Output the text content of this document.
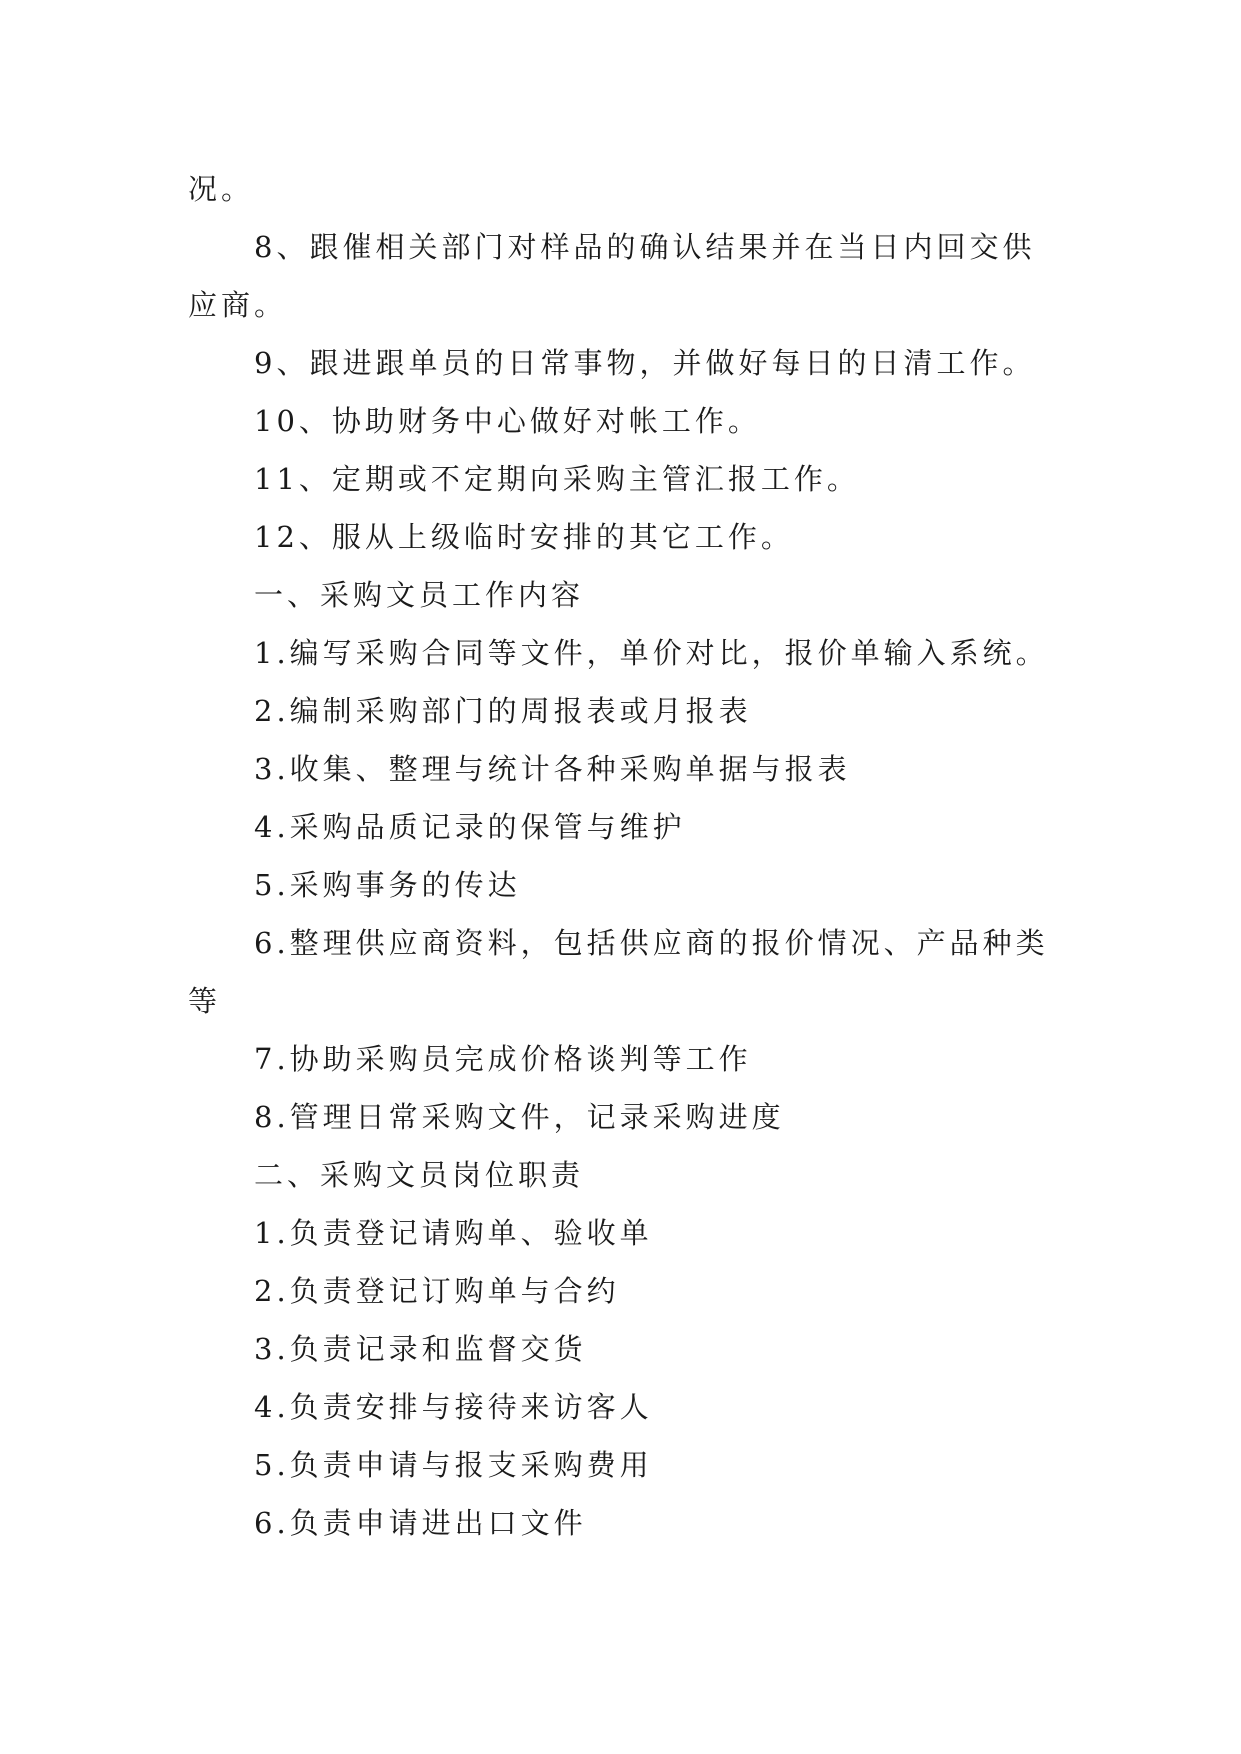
况。
8、跟催相关部门对样品的确认结果并在当日内回交供
应商。
9、跟进跟单员的日常事物，并做好每日的日清工作。
10、协助财务中心做好对帐工作。
11、定期或不定期向采购主管汇报工作。
12、服从上级临时安排的其它工作。
一、采购文员工作内容
1.编写采购合同等文件，单价对比，报价单输入系统。
2.编制采购部门的周报表或月报表
3.收集、整理与统计各种采购单据与报表
4.采购品质记录的保管与维护
5.采购事务的传达
6.整理供应商资料，包括供应商的报价情况、产品种类
等
7.协助采购员完成价格谈判等工作
8.管理日常采购文件，记录采购进度
二、采购文员岗位职责
1.负责登记请购单、验收单
2.负责登记订购单与合约
3.负责记录和监督交货
4.负责安排与接待来访客人
5.负责申请与报支采购费用
6.负责申请进出口文件
